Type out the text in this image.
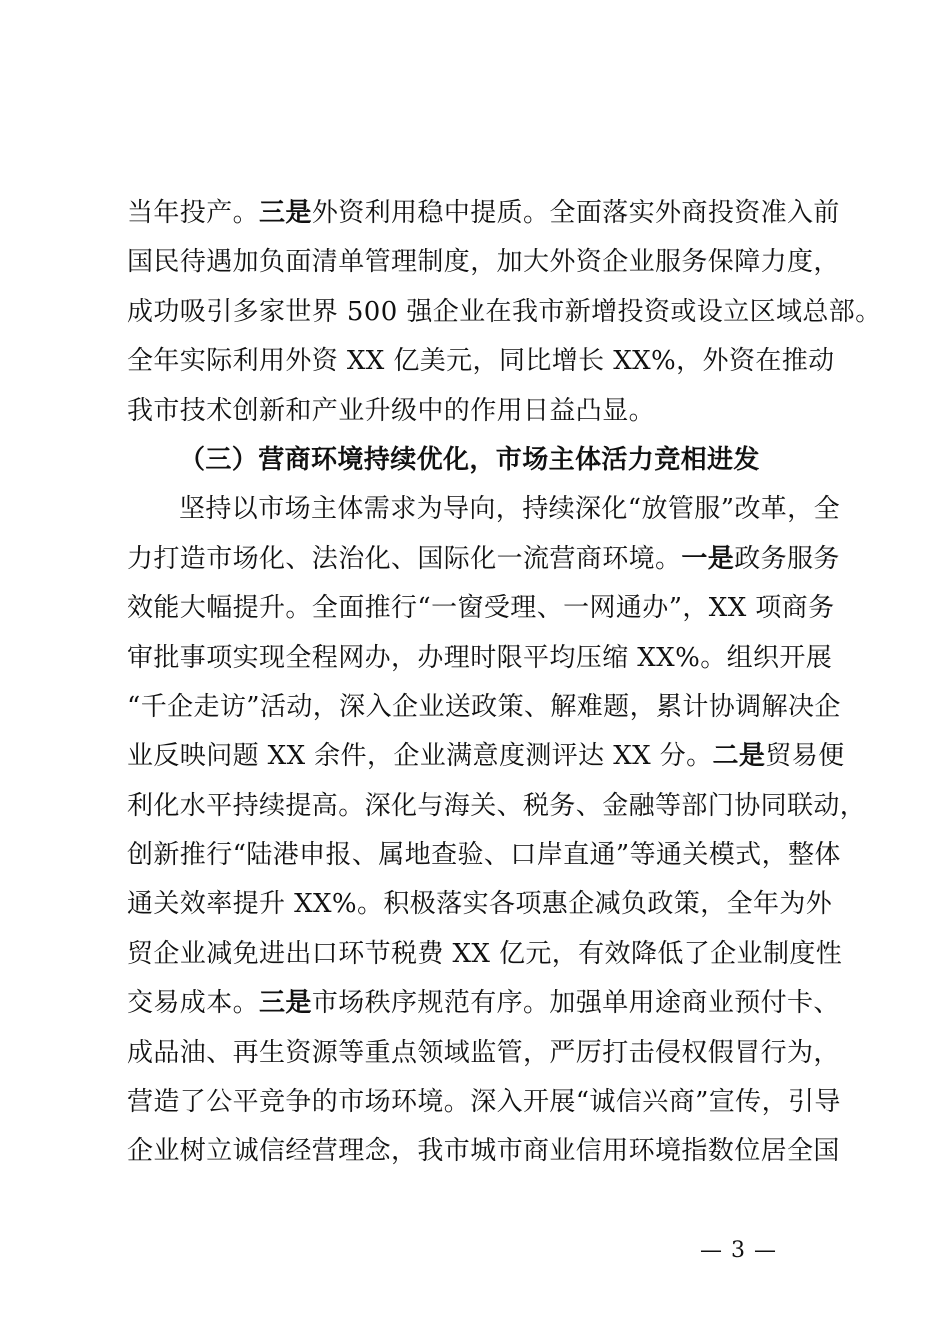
当年投产。三是外资利用稳中提质。全面落实外商投资准入前
国民待遇加负面清单管理制度，加大外资企业服务保障力度，
成功吸引多家世界 500 强企业在我市新增投资或设立区域总部。
全年实际利用外资 XX 亿美元，同比增长 XX%，外资在推动
我市技术创新和产业升级中的作用日益凸显。
（三）营商环境持续优化，市场主体活力竞相进发
坚持以市场主体需求为导向，持续深化“放管服”改革，全
力打造市场化、法治化、国际化一流营商环境。一是政务服务
效能大幅提升。全面推行“一窗受理、一网通办”，XX 项商务
审批事项实现全程网办，办理时限平均压缩 XX%。组织开展
“千企走访”活动，深入企业送政策、解难题，累计协调解决企
业反映问题 XX 余件，企业满意度测评达 XX 分。二是贸易便
利化水平持续提高。深化与海关、税务、金融等部门协同联动，
创新推行“陆港申报、属地查验、口岸直通”等通关模式，整体
通关效率提升 XX%。积极落实各项惠企减负政策，全年为外
贸企业减免进出口环节税费 XX 亿元，有效降低了企业制度性
交易成本。三是市场秩序规范有序。加强单用途商业预付卡、
成品油、再生资源等重点领域监管，严厉打击侵权假冒行为，
营造了公平竞争的市场环境。深入开展“诚信兴商”宣传，引导
企业树立诚信经营理念，我市城市商业信用环境指数位居全国
— 3 —
